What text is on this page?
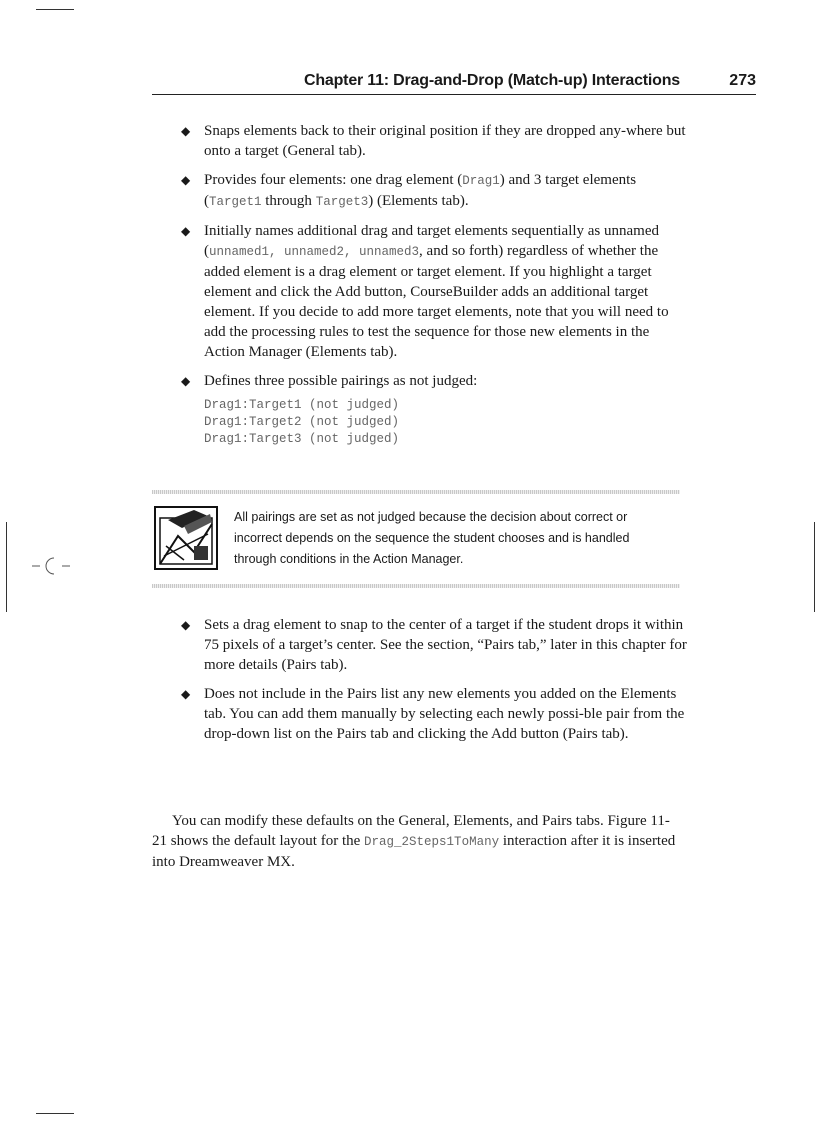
Chapter 11: Drag-and-Drop (Match-up) Interactions	273
◆ Snaps elements back to their original position if they are dropped any-where but onto a target (General tab).
◆ Provides four elements: one drag element (Drag1) and 3 target elements (Target1 through Target3) (Elements tab).
◆ Initially names additional drag and target elements sequentially as unnamed (unnamed1, unnamed2, unnamed3, and so forth) regardless of whether the added element is a drag element or target element. If you highlight a target element and click the Add button, CourseBuilder adds an additional target element. If you decide to add more target elements, note that you will need to add the processing rules to test the sequence for those new elements in the Action Manager (Elements tab).
◆ Defines three possible pairings as not judged:
Drag1:Target1 (not judged)
Drag1:Target2 (not judged)
Drag1:Target3 (not judged)
All pairings are set as not judged because the decision about correct or incorrect depends on the sequence the student chooses and is handled through conditions in the Action Manager.
◆ Sets a drag element to snap to the center of a target if the student drops it within 75 pixels of a target’s center. See the section, “Pairs tab,” later in this chapter for more details (Pairs tab).
◆ Does not include in the Pairs list any new elements you added on the Elements tab. You can add them manually by selecting each newly possi-ble pair from the drop-down list on the Pairs tab and clicking the Add button (Pairs tab).

You can modify these defaults on the General, Elements, and Pairs tabs. Figure 11-21 shows the default layout for the Drag_2Steps1ToMany interaction after it is inserted into Dreamweaver MX.
